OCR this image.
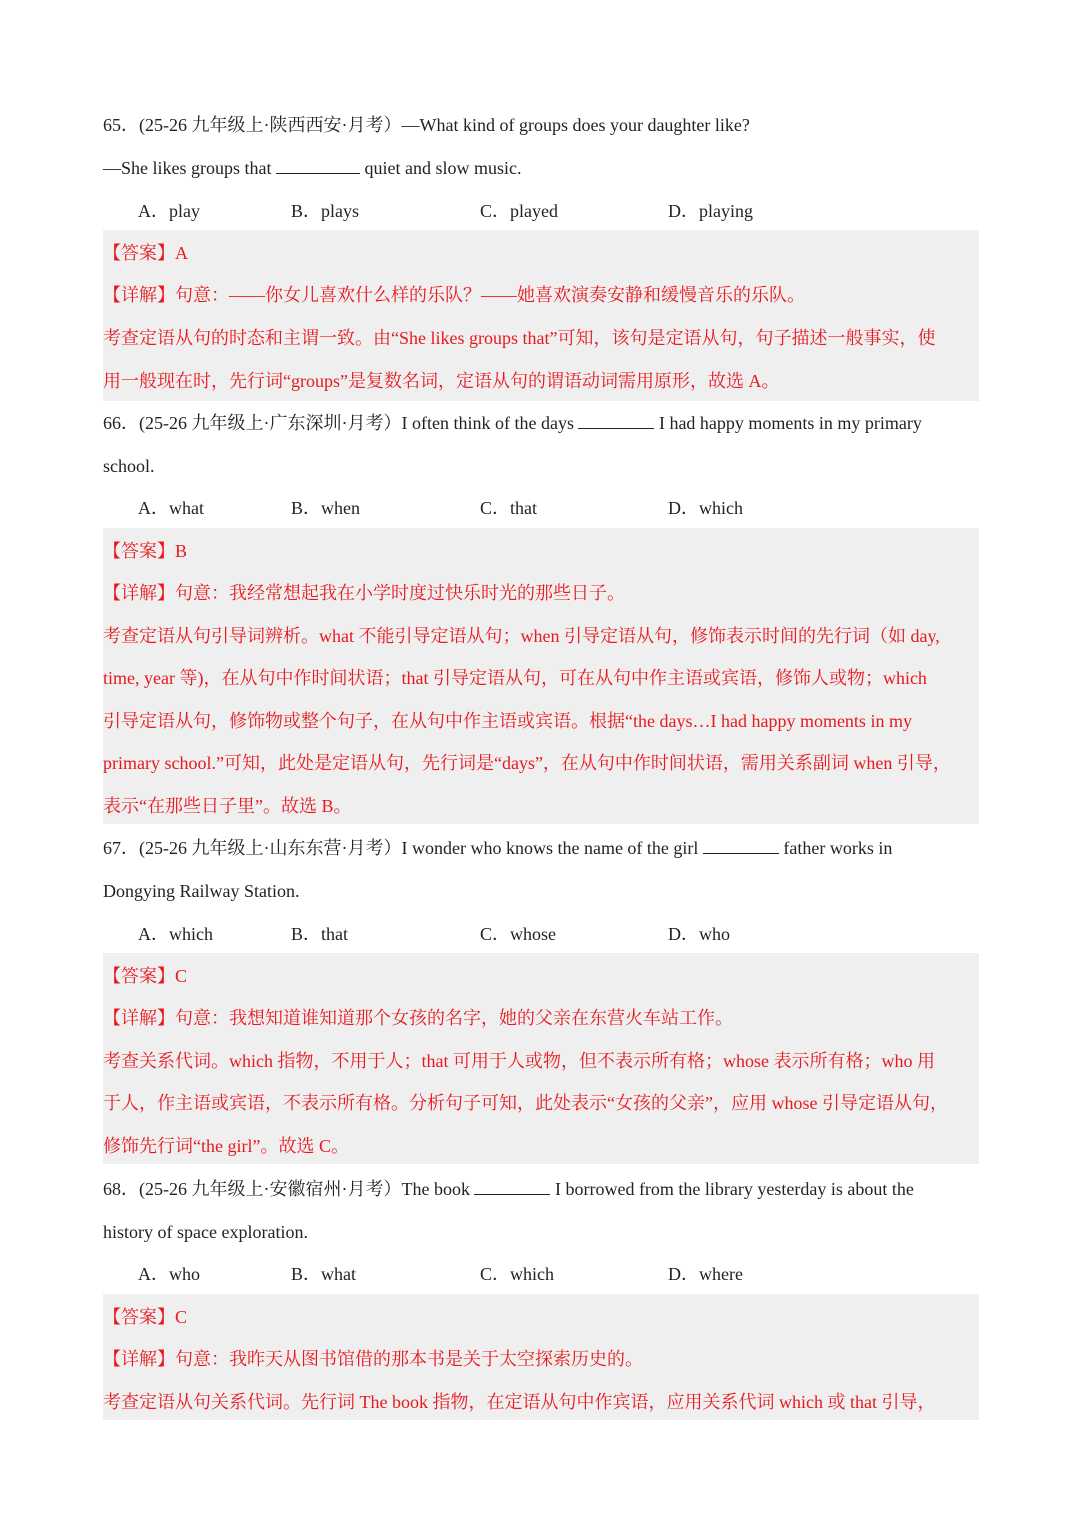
65．(25-26 九年级上·陕西西安·月考）—What kind of groups does your daughter like?
—She likes groups that	quiet and slow music.
A．play	B．plays	C．played	D．playing
【答案】A
【详解】句意：——你女儿喜欢什么样的乐队？——她喜欢演奏安静和缓慢音乐的乐队。
考查定语从句的时态和主谓一致。由“She likes groups that”可知，该句是定语从句，句子描述一般事实，使
用一般现在时，先行词“groups”是复数名词，定语从句的谓语动词需用原形，故选 A。
66．(25-26 九年级上·广东深圳·月考）I often think of the days	I had happy moments in my primary
school.
A．what	B．when	C．that	D．which
【答案】B
【详解】句意：我经常想起我在小学时度过快乐时光的那些日子。
考查定语从句引导词辨析。what 不能引导定语从句；when 引导定语从句，修饰表示时间的先行词（如 day,
time, year 等)，在从句中作时间状语；that 引导定语从句，可在从句中作主语或宾语，修饰人或物；which
引导定语从句，修饰物或整个句子，在从句中作主语或宾语。根据“the days…I had happy moments in my
primary school.”可知，此处是定语从句，先行词是“days”，在从句中作时间状语，需用关系副词 when 引导，
表示“在那些日子里”。故选 B。
67．(25-26 九年级上·山东东营·月考）I wonder who knows the name of the girl	father works in
Dongying Railway Station.
A．which	B．that	C．whose	D．who
【答案】C
【详解】句意：我想知道谁知道那个女孩的名字，她的父亲在东营火车站工作。
考查关系代词。which 指物，不用于人；that 可用于人或物，但不表示所有格；whose 表示所有格；who 用
于人，作主语或宾语，不表示所有格。分析句子可知，此处表示“女孩的父亲”，应用 whose 引导定语从句，
修饰先行词“the girl”。故选 C。
68．(25-26 九年级上·安徽宿州·月考）The book	I borrowed from the library yesterday is about the
history of space exploration.
A．who	B．what	C．which	D．where
【答案】C
【详解】句意：我昨天从图书馆借的那本书是关于太空探索历史的。
考查定语从句关系代词。先行词 The book 指物，在定语从句中作宾语，应用关系代词 which 或 that 引导，
